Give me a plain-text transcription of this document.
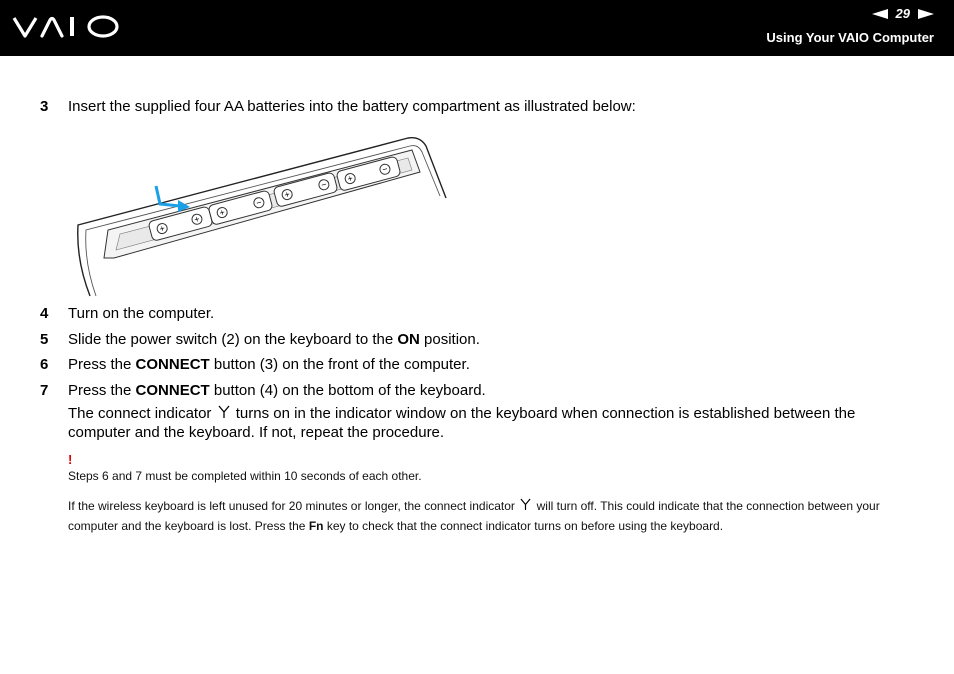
29
Using Your VAIO Computer
3 Insert the supplied four AA batteries into the battery compartment as illustrated below:
+
+
+
−
+
−
+
−
4 Turn on the computer.
5 Slide the power switch (2) on the keyboard to the ON position.
6 Press the CONNECT button (3) on the front of the computer.
7 Press the CONNECT button (4) on the bottom of the keyboard.
The connect indicator turns on in the indicator window on the keyboard when connection is established between the computer and the keyboard. If not, repeat the procedure.
!
Steps 6 and 7 must be completed within 10 seconds of each other.
If the wireless keyboard is left unused for 20 minutes or longer, the connect indicator will turn off. This could indicate that the connection between your computer and the keyboard is lost. Press the Fn key to check that the connect indicator turns on before using the keyboard.
